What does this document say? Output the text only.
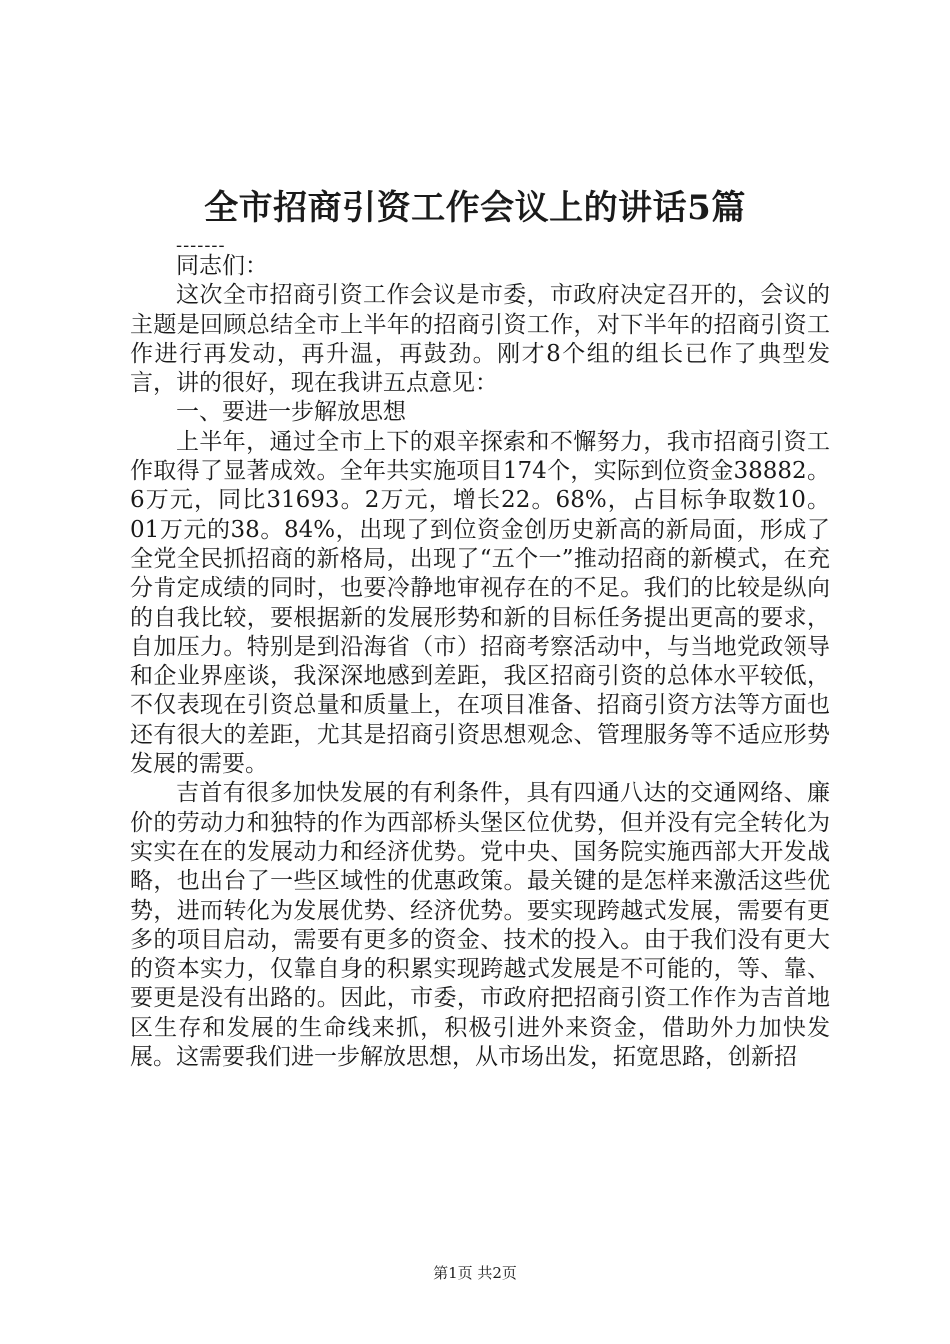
全市招商引资工作会议上的讲话5篇
-------

同志们：

这次全市招商引资工作会议是市委，市政府决定召开的，会议的主题是回顾总结全市上半年的招商引资工作，对下半年的招商引资工作进行再发动，再升温，再鼓劲。刚才8个组的组长已作了典型发言，讲的很好，现在我讲五点意见：

一、要进一步解放思想

上半年，通过全市上下的艰辛探索和不懈努力，我市招商引资工作取得了显著成效。全年共实施项目174个，实际到位资金38882。6万元，同比31693。2万元，增长22。68%，占目标争取数10。01万元的38。84%，出现了到位资金创历史新高的新局面，形成了全党全民抓招商的新格局，出现了“五个一”推动招商的新模式，在充分肯定成绩的同时，也要冷静地审视存在的不足。我们的比较是纵向的自我比较，要根据新的发展形势和新的目标任务提出更高的要求，自加压力。特别是到沿海省（市）招商考察活动中，与当地党政领导和企业界座谈，我深深地感到差距，我区招商引资的总体水平较低，不仅表现在引资总量和质量上，在项目准备、招商引资方法等方面也还有很大的差距，尤其是招商引资思想观念、管理服务等不适应形势发展的需要。

吉首有很多加快发展的有利条件，具有四通八达的交通网络、廉价的劳动力和独特的作为西部桥头堡区位优势，但并没有完全转化为实实在在的发展动力和经济优势。党中央、国务院实施西部大开发战略，也出台了一些区域性的优惠政策。最关键的是怎样来激活这些优势，进而转化为发展优势、经济优势。要实现跨越式发展，需要有更多的项目启动，需要有更多的资金、技术的投入。由于我们没有更大的资本实力，仅靠自身的积累实现跨越式发展是不可能的，等、靠、要更是没有出路的。因此，市委，市政府把招商引资工作作为吉首地区生存和发展的生命线来抓，积极引进外来资金，借助外力加快发展。这需要我们进一步解放思想，从市场出发，拓宽思路，创新招

第1页 共2页
